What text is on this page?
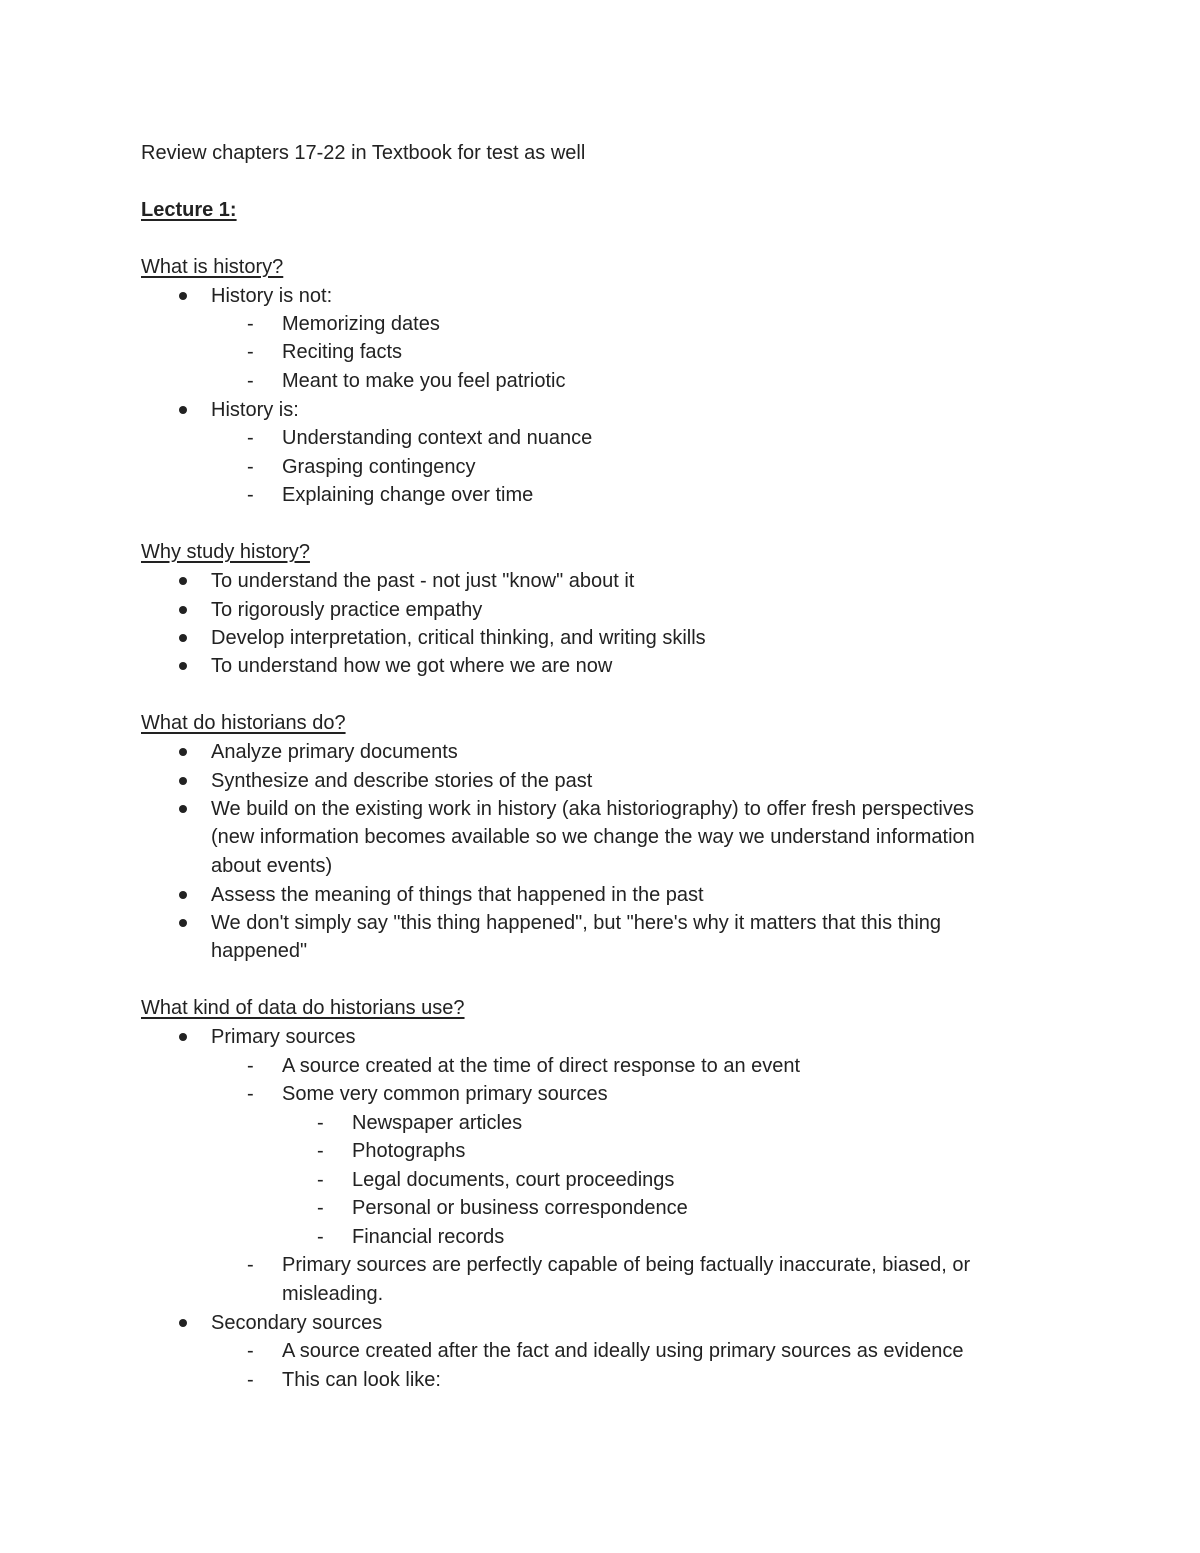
Review chapters 17-22 in Textbook for test as well
Lecture 1:
What is history?
History is not:
- Memorizing dates
- Reciting facts
- Meant to make you feel patriotic
History is:
- Understanding context and nuance
- Grasping contingency
- Explaining change over time
Why study history?
To understand the past - not just "know" about it
To rigorously practice empathy
Develop interpretation, critical thinking, and writing skills
To understand how we got where we are now
What do historians do?
Analyze primary documents
Synthesize and describe stories of the past
We build on the existing work in history (aka historiography) to offer fresh perspectives
(new information becomes available so we change the way we understand information
about events)
Assess the meaning of things that happened in the past
We don't simply say "this thing happened", but "here's why it matters that this thing
happened"
What kind of data do historians use?
Primary sources
- A source created at the time of direct response to an event
- Some very common primary sources
- Newspaper articles
- Photographs
- Legal documents, court proceedings
- Personal or business correspondence
- Financial records
- Primary sources are perfectly capable of being factually inaccurate, biased, or
misleading.
Secondary sources
- A source created after the fact and ideally using primary sources as evidence
- This can look like:
